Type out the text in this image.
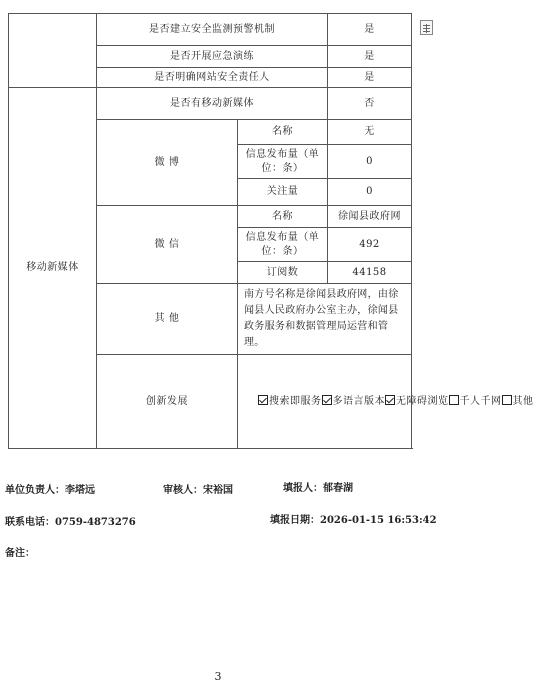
	是否建立安全监测预警机制		是
	是否开展应急演练		是
	是否明确网站安全责任人		是
移动新媒体	是否有移动新媒体		否
	微 博	名称	无
		信息发布量（单位：条）	0
		关注量	0
	微 信	名称	徐闻县政府网
		信息发布量（单位：条）	492
		订阅数	44158
	其 他	南方号名称是徐闻县政府网，由徐闻县人民政府办公室主办，徐闻县政务服务和数据管理局运营和管理。	
	创新发展	搜索即服务 多语言版本 无障碍浏览 千人千网 其他	
单位负责人：李塔远	审核人：宋裕国	填报人：郁春湖
联系电话：0759-4873276	填报日期：2026-01-15 16:53:42
备注：
3
